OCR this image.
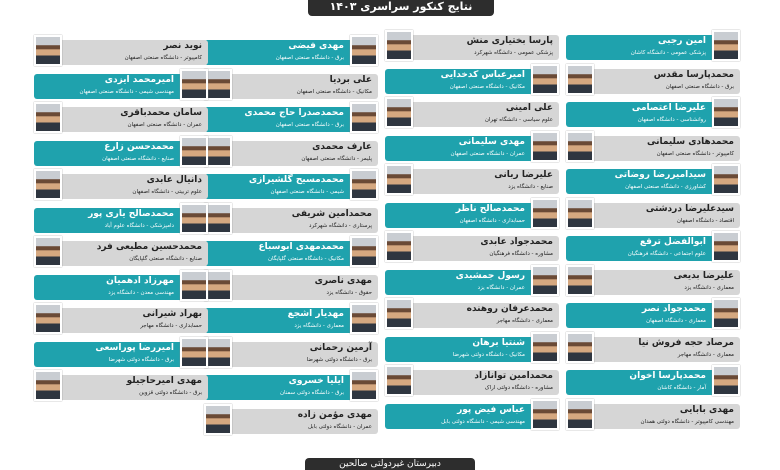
نتایج کنکور سراسری ۱۴۰۳
امین رجبی
پزشکی عمومی - دانشگاه کاشان
محمدپارسا مقدس
برق - دانشگاه صنعتی اصفهان
علیرضا اعتصامی
روانشناسی - دانشگاه اصفهان
محمدهادی سلیمانی
کامپیوتر - دانشگاه صنعتی اصفهان
سیدامیررضا روضاتی
کشاورزی - دانشگاه صنعتی اصفهان
سیدعلیرضا دردشتی
اقتصاد - دانشگاه اصفهان
ابوالفضل ترقع
علوم اجتماعی - دانشگاه فرهنگیان
علیرضا بدیعی
معماری - دانشگاه یزد
محمدجواد نصر
معماری - دانشگاه اصفهان
مرصاد حجه فروش نیا
معماری - دانشگاه مهاجر
محمدپارسا اخوان
آمار - دانشگاه کاشان
مهدی بابایی
مهندسی کامپیوتر - دانشگاه دولتی همدان
پارسا بختیاری منش
پزشکی عمومی - دانشگاه شهرکرد
امیرعباس کدخدایی
مکانیک - دانشگاه صنعتی اصفهان
علی امینی
علوم سیاسی - دانشگاه تهران
مهدی سلیمانی
عمران - دانشگاه صنعتی اصفهان
علیرضا ربانی
صنایع - دانشگاه یزد
محمدصالح ناظر
حسابداری - دانشگاه اصفهان
محمدجواد عابدی
مشاوره - دانشگاه فرهنگیان
رسول جمشیدی
عمران - دانشگاه یزد
محمدعرفان روهنده
معماری - دانشگاه مهاجر
شنتیا برهان
مکانیک - دانشگاه دولتی شهرضا
محمدامین توانازاد
مشاوره - دانشگاه دولتی اراک
عباس فیض پور
مهندسی شیمی - دانشگاه دولتی بابل
مهدی فیضی
برق - دانشگاه صنعتی اصفهان
علی بردیا
مکانیک - دانشگاه صنعتی اصفهان
محمدصدرا حاج محمدی
برق - دانشگاه صنعتی اصفهان
عارف محمدی
پلیمر - دانشگاه صنعتی اصفهان
محمدمسیح گلشیرازی
شیمی - دانشگاه صنعتی اصفهان
محمدامین شریفی
پرستاری - دانشگاه شهرکرد
محمدمهدی ابوسباع
مکانیک - دانشگاه صنعتی گلپایگان
مهدی ناصری
حقوق - دانشگاه یزد
مهدیار اشجع
معماری - دانشگاه یزد
آرمین رحمانی
برق - دانشگاه دولتی شهرضا
ایلیا خسروی
برق - دانشگاه دولتی سمنان
مهدی مؤمن زاده
عمران - دانشگاه دولتی بابل
نوید نصر
کامپیوتر - دانشگاه صنعتی اصفهان
امیرمحمد ایزدی
مهندسی شیمی - دانشگاه صنعتی اصفهان
سامان محمدباقری
عمران - دانشگاه صنعتی اصفهان
محمدحسن زارع
صنایع - دانشگاه صنعتی اصفهان
دانیال عابدی
علوم تربیتی - دانشگاه اصفهان
محمدصالح یاری پور
دامپزشکی - دانشگاه علوم آباد
محمدحسین مطیعی فرد
صنایع - دانشگاه صنعتی گلپایگان
مهرزاد ادهمیان
مهندسی معدن - دانشگاه یزد
بهراد شیرانی
حسابداری - دانشگاه مهاجر
امیررضا پوراسعی
برق - دانشگاه دولتی شهرضا
مهدی امیرحاجیلو
برق - دانشگاه دولتی قزوین
دبیرستان غیردولتی صالحین
